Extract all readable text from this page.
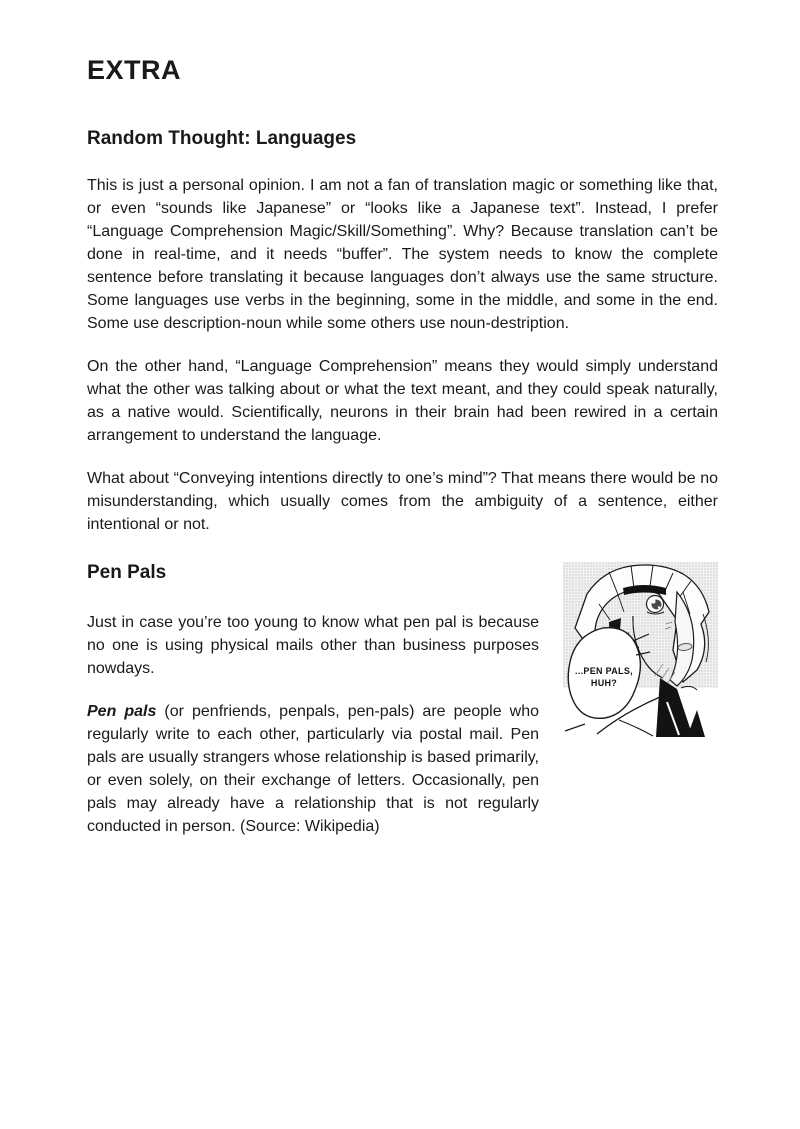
EXTRA
Random Thought: Languages

This is just a personal opinion. I am not a fan of translation magic or something like that, or even “sounds like Japanese” or “looks like a Japanese text”. Instead, I prefer “Language Comprehension Magic/Skill/Something”. Why? Because translation can’t be done in real-time, and it needs “buffer”. The system needs to know the complete sentence before translating it because languages don’t always use the same structure. Some languages use verbs in the beginning, some in the middle, and some in the end. Some use description-noun while some others use noun-destription.

On the other hand, “Language Comprehension” means they would simply understand what the other was talking about or what the text meant, and they could speak naturally, as a native would. Scientifically, neurons in their brain had been rewired in a certain arrangement to understand the language.

What about “Conveying intentions directly to one’s mind”? That means there would be no misunderstanding, which usually comes from the ambiguity of a sentence, either intentional or not.

Pen Pals

Just in case you’re too young to know what pen pal is because no one is using physical mails other than business purposes nowdays.

Pen pals (or penfriends, penpals, pen-pals) are people who regularly write to each other, particularly via postal mail. Pen pals are usually strangers whose relationship is based primarily, or even solely, on their exchange of letters. Occasionally, pen pals may already have a relationship that is not regularly conducted in person. (Source: Wikipedia)

...PEN PALS,
HUH?
